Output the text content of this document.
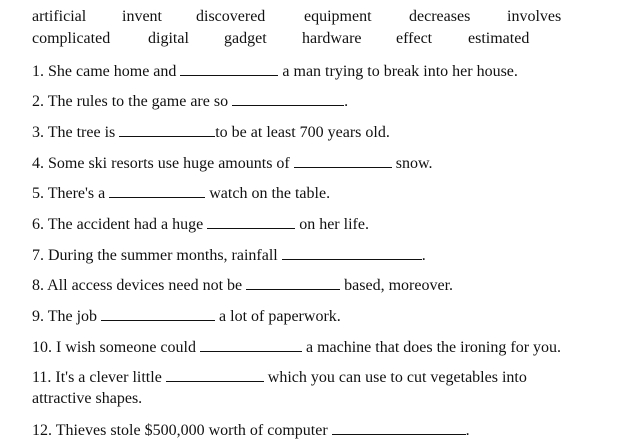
artificial invent discovered equipment decreases involves
complicated digital gadget hardware effect estimated
1. She came home and	a man trying to break into her house.
2. The rules to the game are so	.
3. The tree is	to be at least 700 years old.
4. Some ski resorts use huge amounts of	snow.
5. There's a	watch on the table.
6. The accident had a huge	on her life.
7. During the summer months, rainfall	.
8. All access devices need not be	based, moreover.
9. The job	a lot of paperwork.
10. I wish someone could	a machine that does the ironing for you.
11. It's a clever little	which you can use to cut vegetables into
attractive shapes.
12. Thieves stole $500,000 worth of computer	.
